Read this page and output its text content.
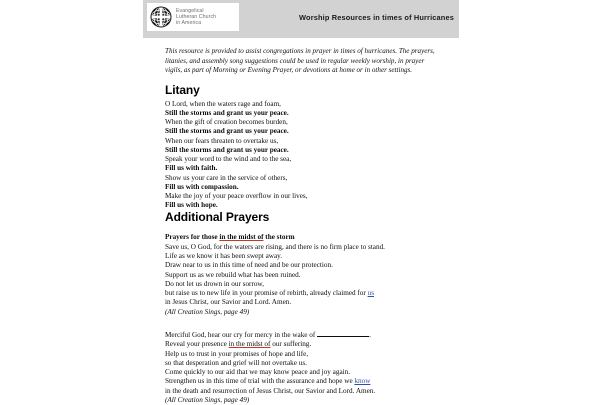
Evangelical
Lutheran Church
in America
Worship Resources in times of Hurricanes

This resource is provided to assist congregations in prayer in times of hurricanes. The prayers, litanies, and assembly song suggestions could be used in regular weekly worship, in prayer vigils, as part of Morning or Evening Prayer, or devotions at home or in other settings.

Litany
O Lord, when the waters rage and foam,
Still the storms and grant us your peace.
When the gift of creation becomes burden,
Still the storms and grant us your peace.
When our fears threaten to overtake us,
Still the storms and grant us your peace.
Speak your word to the wind and to the sea,
Fill us with faith.
Show us your care in the service of others,
Fill us with compassion.
Make the joy of your peace overflow in our lives,
Fill us with hope.
Additional Prayers
Prayers for those in the midst of the storm
Save us, O God, for the waters are rising, and there is no firm place to stand.
Life as we know it has been swept away.
Draw near to us in this time of need and be our protection.
Support us as we rebuild what has been ruined.
Do not let us drown in our sorrow,
but raise us to new life in your promise of rebirth, already claimed for us
in Jesus Christ, our Savior and Lord. Amen.
(All Creation Sings, page 49)
Merciful God, hear our cry for mercy in the wake of	.
Reveal your presence in the midst of our suffering.
Help us to trust in your promises of hope and life,
so that desperation and grief will not overtake us.
Come quickly to our aid that we may know peace and joy again.
Strengthen us in this time of trial with the assurance and hope we know
in the death and resurrection of Jesus Christ, our Savior and Lord. Amen.
(All Creation Sings, page 49)
